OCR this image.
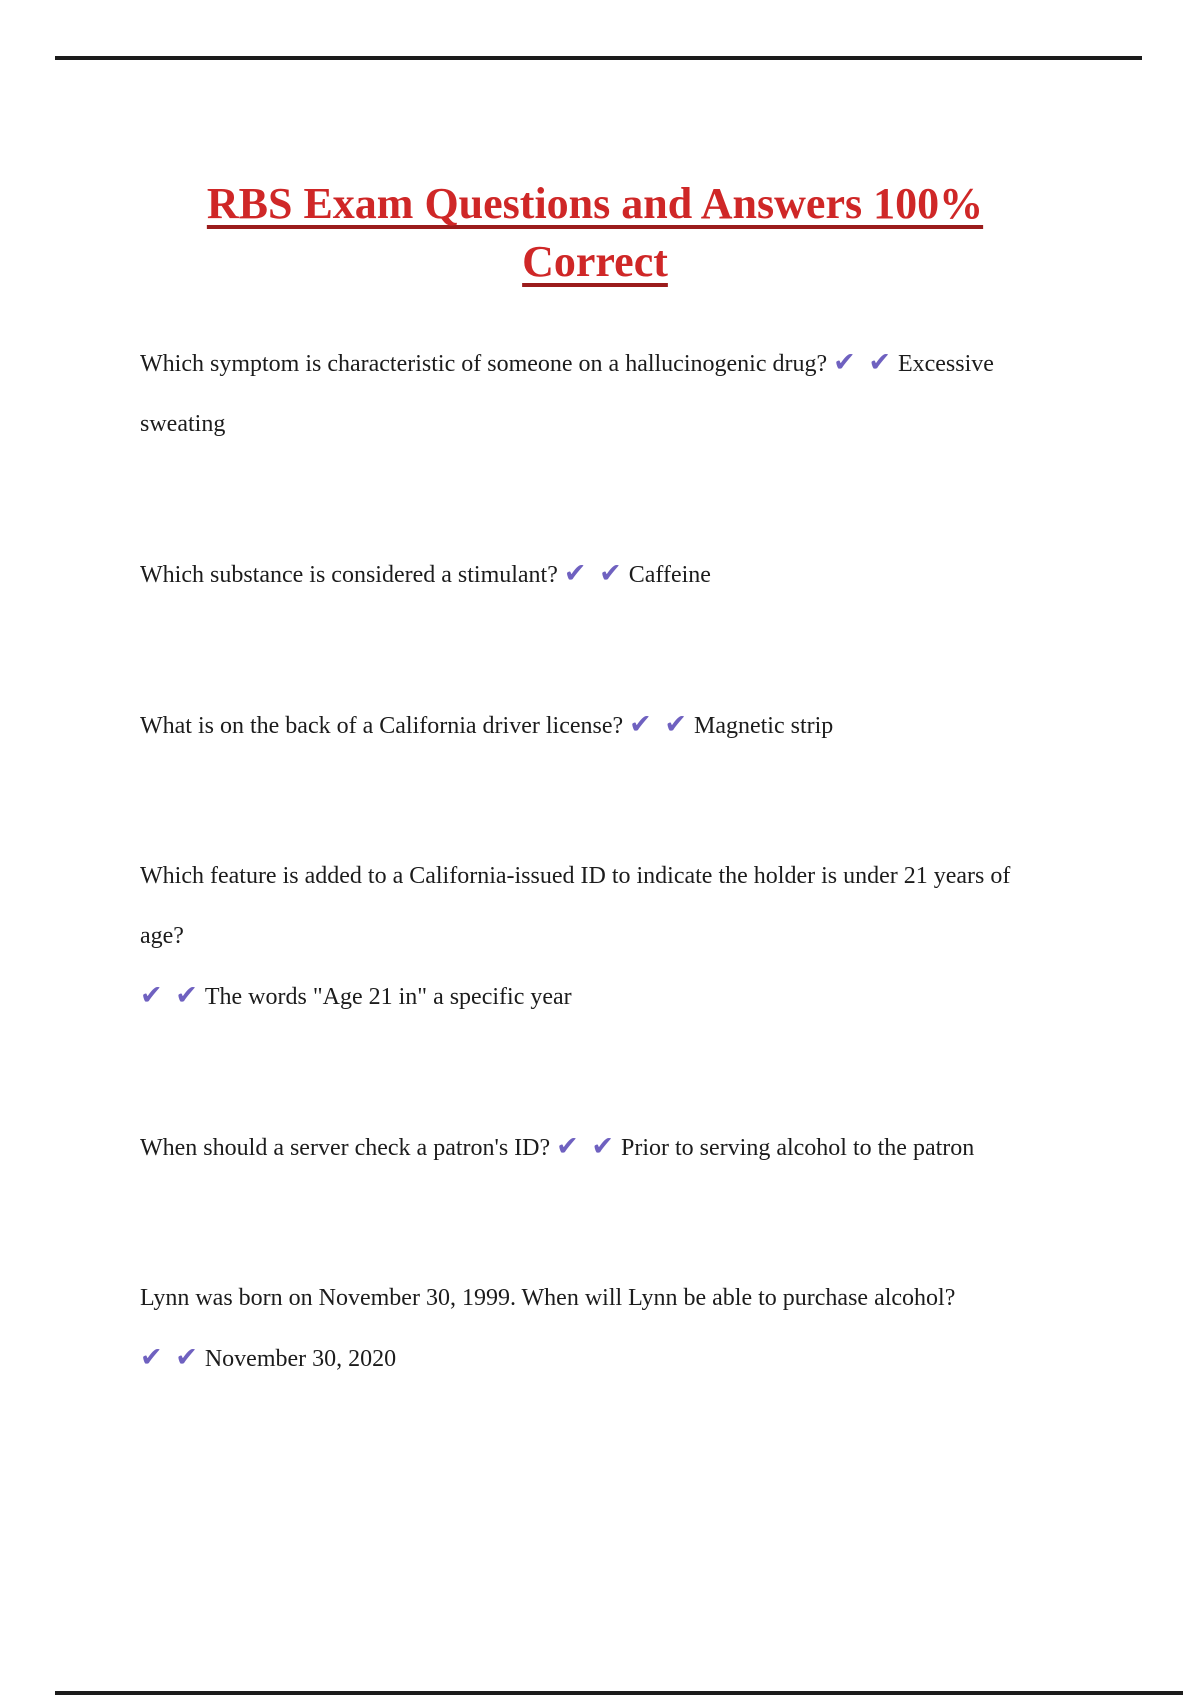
RBS Exam Questions and Answers 100%
Correct

Which symptom is characteristic of someone on a hallucinogenic drug? ✔ ✔ Excessive sweating

Which substance is considered a stimulant? ✔ ✔ Caffeine

What is on the back of a California driver license? ✔ ✔ Magnetic strip

Which feature is added to a California-issued ID to indicate the holder is under 21 years of age?
✔ ✔ The words "Age 21 in" a specific year

When should a server check a patron's ID? ✔ ✔ Prior to serving alcohol to the patron

Lynn was born on November 30, 1999. When will Lynn be able to purchase alcohol?
✔ ✔ November 30, 2020
